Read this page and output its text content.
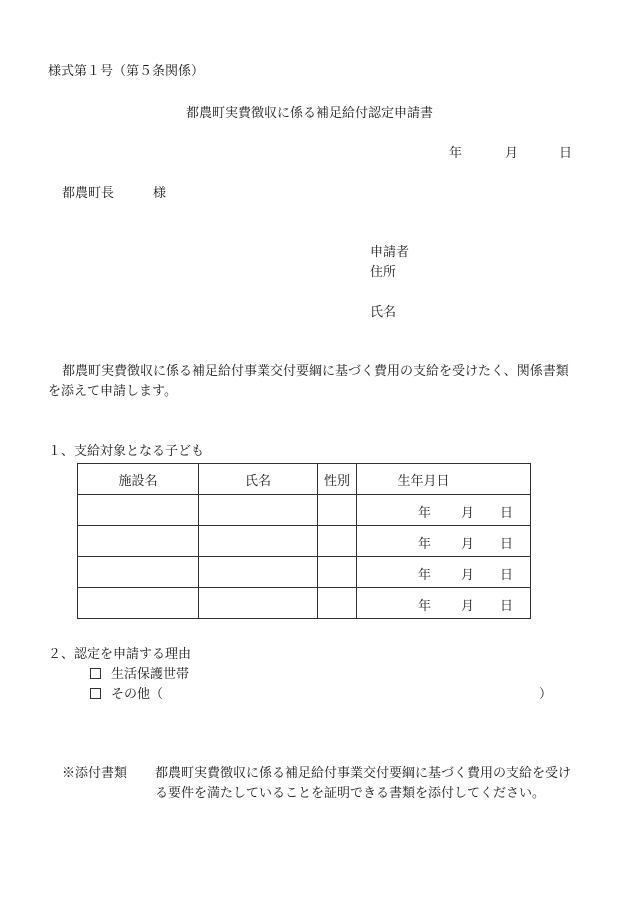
様式第１号（第５条関係）
都農町実費徴収に係る補足給付認定申請書
年	月	日
都農町長	様
申請者
住所
氏名
都農町実費徴収に係る補足給付事業交付要綱に基づく費用の支給を受けたく、関係書類
を添えて申請します。
１、支給対象となる子ども
施設名	氏名	性別	生年月日

			年 月 日

			年 月 日

			年 月 日

			年 月 日
２、認定を申請する理由
生活保護世帯
その他（	）
※添付書類 都農町実費徴収に係る補足給付事業交付要綱に基づく費用の支給を受け
る要件を満たしていることを証明できる書類を添付してください。
